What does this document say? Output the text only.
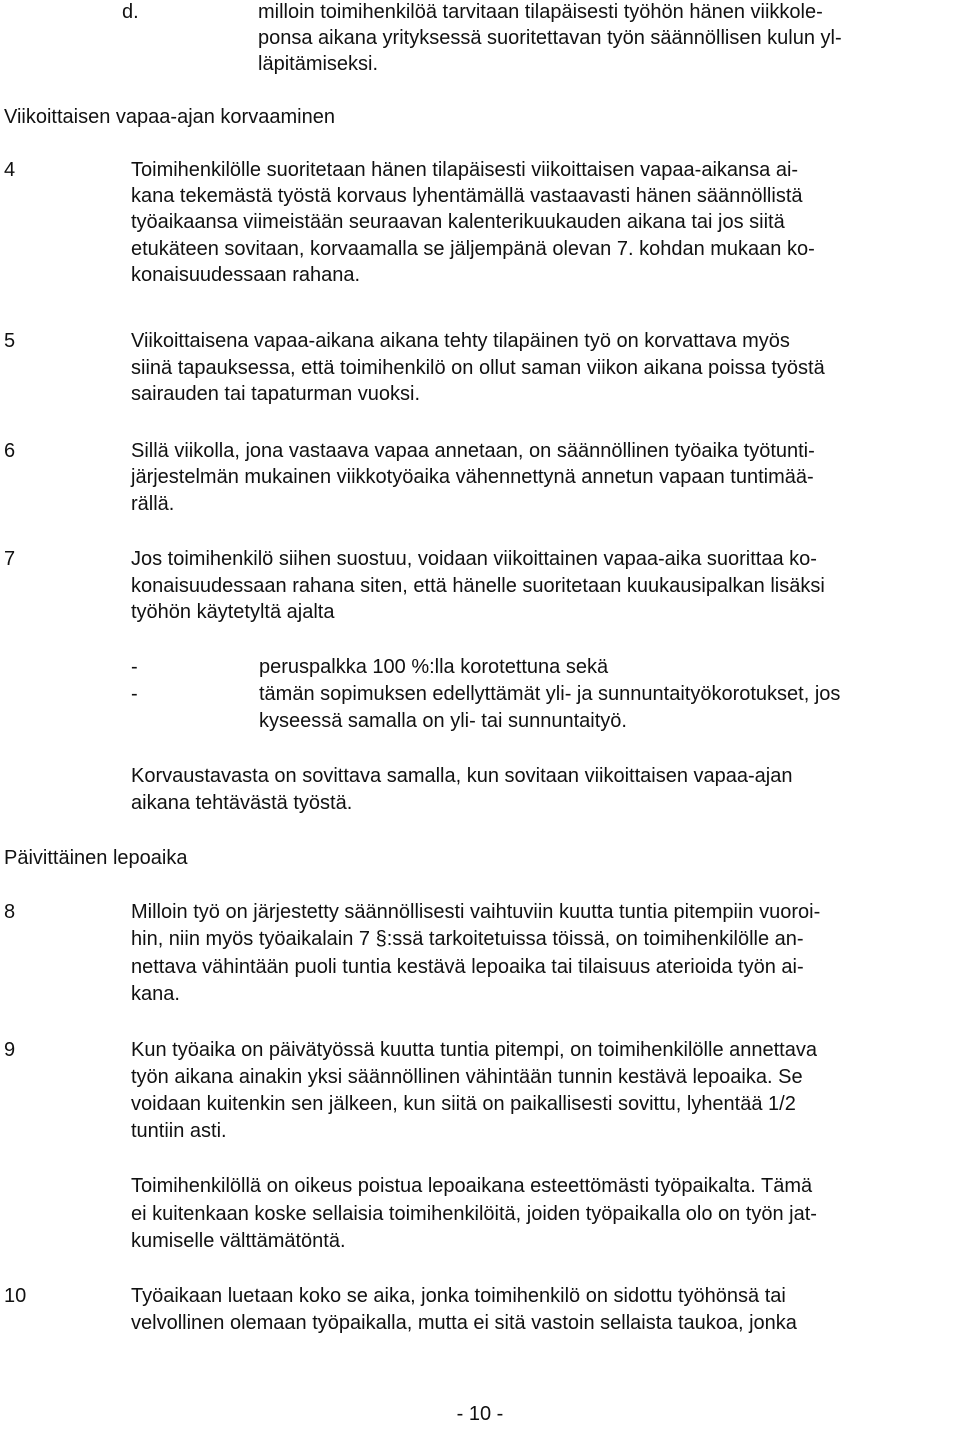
d.	milloin toimihenkilöä tarvitaan tilapäisesti työhön hänen viikkole-

ponsa aikana yrityksessä suoritettavan työn säännöllisen kulun yl-

läpitämiseksi.

Viikoittaisen vapaa-ajan korvaaminen

4	Toimihenkilölle suoritetaan hänen tilapäisesti viikoittaisen vapaa-aikansa ai-

kana tekemästä työstä korvaus lyhentämällä vastaavasti hänen säännöllistä

työaikaansa viimeistään seuraavan kalenterikuukauden aikana tai jos siitä

etukäteen sovitaan, korvaamalla se jäljempänä olevan 7. kohdan mukaan ko-

konaisuudessaan rahana.

5	Viikoittaisena vapaa-aikana aikana tehty tilapäinen työ on korvattava myös

siinä tapauksessa, että toimihenkilö on ollut saman viikon aikana poissa työstä

sairauden tai tapaturman vuoksi.

6	Sillä viikolla, jona vastaava vapaa annetaan, on säännöllinen työaika työtunti-

järjestelmän mukainen viikkotyöaika vähennettynä annetun vapaan tuntimää-

rällä.

7	Jos toimihenkilö siihen suostuu, voidaan viikoittainen vapaa-aika suorittaa ko-

konaisuudessaan rahana siten, että hänelle suoritetaan kuukausipalkan lisäksi

työhön käytetyltä ajalta

-	peruspalkka 100 %:lla korotettuna sekä

-	tämän sopimuksen edellyttämät yli- ja sunnuntaityökorotukset, jos

kyseessä samalla on yli- tai sunnuntaityö.

Korvaustavasta on sovittava samalla, kun sovitaan viikoittaisen vapaa-ajan

aikana tehtävästä työstä.

Päivittäinen lepoaika

8	Milloin työ on järjestetty säännöllisesti vaihtuviin kuutta tuntia pitempiin vuoroi-

hin, niin myös työaikalain 7 §:ssä tarkoitetuissa töissä, on toimihenkilölle an-

nettava vähintään puoli tuntia kestävä lepoaika tai tilaisuus aterioida työn ai-

kana.

9	Kun työaika on päivätyössä kuutta tuntia pitempi, on toimihenkilölle annettava

työn aikana ainakin yksi säännöllinen vähintään tunnin kestävä lepoaika. Se

voidaan kuitenkin sen jälkeen, kun siitä on paikallisesti sovittu, lyhentää 1/2

tuntiin asti.

Toimihenkilöllä on oikeus poistua lepoaikana esteettömästi työpaikalta. Tämä

ei kuitenkaan koske sellaisia toimihenkilöitä, joiden työpaikalla olo on työn jat-

kumiselle välttämätöntä.

10	Työaikaan luetaan koko se aika, jonka toimihenkilö on sidottu työhönsä tai

velvollinen olemaan työpaikalla, mutta ei sitä vastoin sellaista taukoa, jonka

- 10 -
